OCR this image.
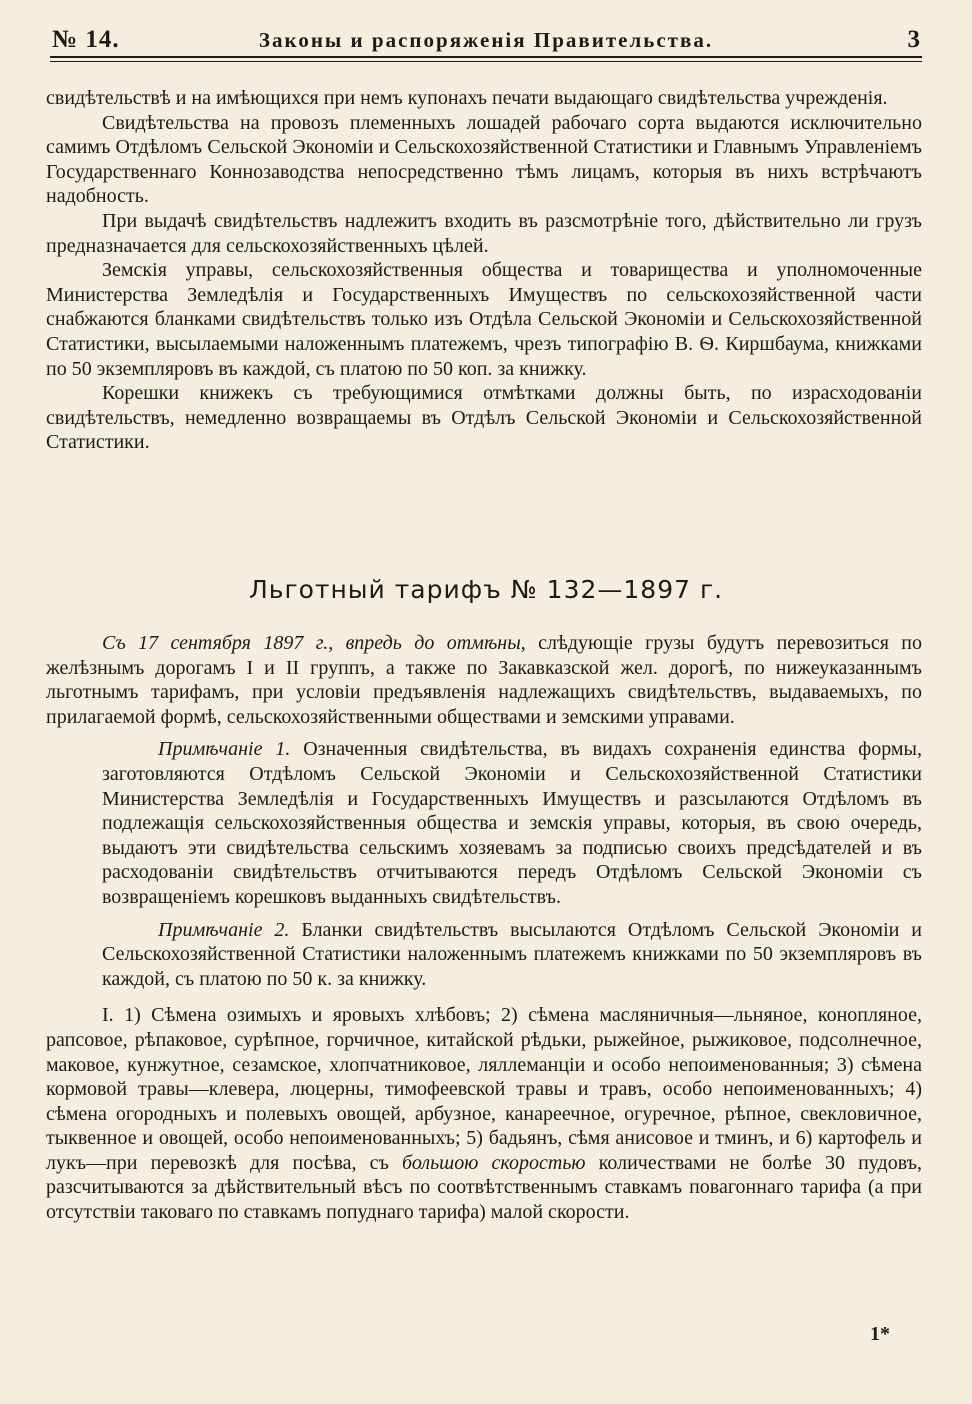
№ 14.	Законы и распоряженія Правительства.	3

свидѣтельствѣ и на имѣющихся при немъ купонахъ печати выдающаго свидѣтельства учрежденія.

Свидѣтельства на провозъ племенныхъ лошадей рабочаго сорта выдаются исключительно самимъ Отдѣломъ Сельской Экономіи и Сельскохозяйственной Статистики и Главнымъ Управленіемъ Государственнаго Коннозаводства непосредственно тѣмъ лицамъ, которыя въ нихъ встрѣчаютъ надобность.

При выдачѣ свидѣтельствъ надлежитъ входить въ разсмотрѣніе того, дѣйствительно ли грузъ предназначается для сельскохозяйственныхъ цѣлей.

Земскія управы, сельскохозяйственныя общества и товарищества и уполномоченные Министерства Земледѣлія и Государственныхъ Имуществъ по сельскохозяйственной части снабжаются бланками свидѣтельствъ только изъ Отдѣла Сельской Экономіи и Сельскохозяйственной Статистики, высылаемыми наложеннымъ платежемъ, чрезъ типографію В. Ѳ. Киршбаума, книжками по 50 экземпляровъ въ каждой, съ платою по 50 коп. за книжку.

Корешки книжекъ съ требующимися отмѣтками должны быть, по израсходованіи свидѣтельствъ, немедленно возвращаемы въ Отдѣлъ Сельской Экономіи и Сельскохозяйственной Статистики.

Льготный тарифъ № 132—1897 г.

Съ 17 сентября 1897 г., впредь до отмѣны, слѣдующіе грузы будутъ перевозиться по желѣзнымъ дорогамъ I и II группъ, а также по Закавказской жел. дорогѣ, по нижеуказаннымъ льготнымъ тарифамъ, при условіи предъявленія надлежащихъ свидѣтельствъ, выдаваемыхъ, по прилагаемой формѣ, сельскохозяйственными обществами и земскими управами.

Примѣчаніе 1. Означенныя свидѣтельства, въ видахъ сохраненія единства формы, заготовляются Отдѣломъ Сельской Экономіи и Сельскохозяйственной Статистики Министерства Земледѣлія и Государственныхъ Имуществъ и разсылаются Отдѣломъ въ подлежащія сельскохозяйственныя общества и земскія управы, которыя, въ свою очередь, выдаютъ эти свидѣтельства сельскимъ хозяевамъ за подписью своихъ предсѣдателей и въ расходованіи свидѣтельствъ отчитываются передъ Отдѣломъ Сельской Экономіи съ возвращеніемъ корешковъ выданныхъ свидѣтельствъ.

Примѣчаніе 2. Бланки свидѣтельствъ высылаются Отдѣломъ Сельской Экономіи и Сельскохозяйственной Статистики наложеннымъ платежемъ книжками по 50 экземпляровъ въ каждой, съ платою по 50 к. за книжку.

I. 1) Сѣмена озимыхъ и яровыхъ хлѣбовъ; 2) сѣмена масляничныя—льняное, конопляное, рапсовое, рѣпаковое, сурѣпное, горчичное, китайской рѣдьки, рыжейное, рыжиковое, подсолнечное, маковое, кунжутное, сезамское, хлопчатниковое, ляллеманціи и особо непоименованныя; 3) сѣмена кормовой травы—клевера, люцерны, тимофеевской травы и травъ, особо непоименованныхъ; 4) сѣмена огородныхъ и полевыхъ овощей, арбузное, канареечное, огуречное, рѣпное, свекловичное, тыквенное и овощей, особо непоименованныхъ; 5) бадьянъ, сѣмя анисовое и тминъ, и 6) картофель и лукъ—при перевозкѣ для посѣва, съ большою скоростью количествами не болѣе 30 пудовъ, разсчитываются за дѣйствительный вѣсъ по соотвѣтственнымъ ставкамъ повагоннаго тарифа (а при отсутствіи таковаго по ставкамъ попуднаго тарифа) малой скорости.

1*
